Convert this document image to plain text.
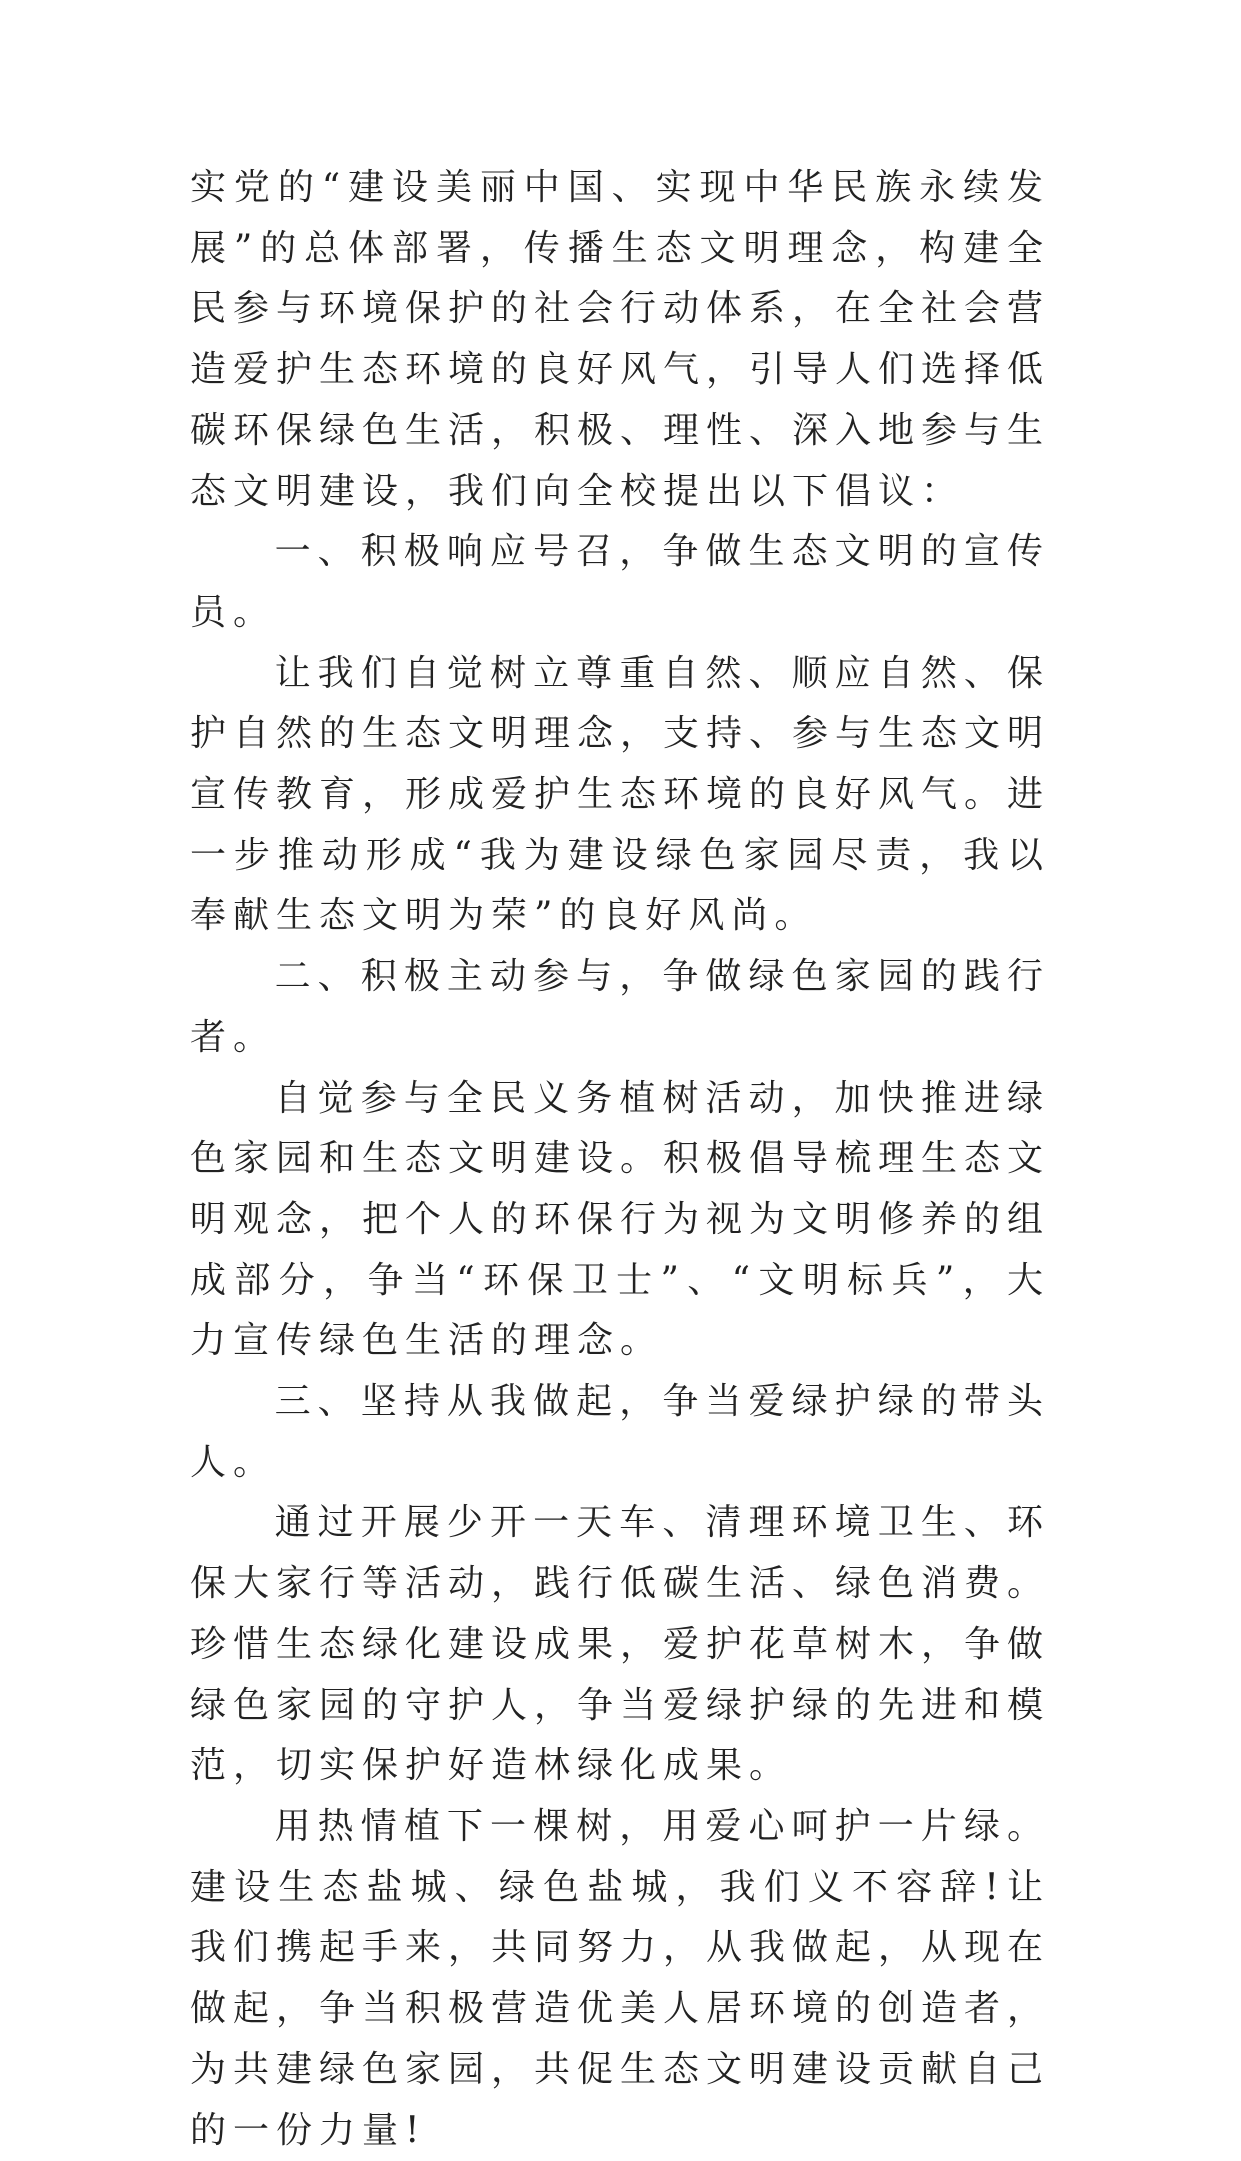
实党的“建设美丽中国、实现中华民族永续发展”的总体部署，传播生态文明理念，构建全民参与环境保护的社会行动体系，在全社会营造爱护生态环境的良好风气，引导人们选择低碳环保绿色生活，积极、理性、深入地参与生态文明建设，我们向全校提出以下倡议：

一、积极响应号召，争做生态文明的宣传员。

让我们自觉树立尊重自然、顺应自然、保护自然的生态文明理念，支持、参与生态文明宣传教育，形成爱护生态环境的良好风气。进一步推动形成“我为建设绿色家园尽责，我以奉献生态文明为荣”的良好风尚。

二、积极主动参与，争做绿色家园的践行者。

自觉参与全民义务植树活动，加快推进绿色家园和生态文明建设。积极倡导梳理生态文明观念，把个人的环保行为视为文明修养的组成部分，争当“环保卫士”、“文明标兵”，大力宣传绿色生活的理念。

三、坚持从我做起，争当爱绿护绿的带头人。

通过开展少开一天车、清理环境卫生、环保大家行等活动，践行低碳生活、绿色消费。珍惜生态绿化建设成果，爱护花草树木，争做绿色家园的守护人，争当爱绿护绿的先进和模范，切实保护好造林绿化成果。

用热情植下一棵树，用爱心呵护一片绿。建设生态盐城、绿色盐城，我们义不容辞!让我们携起手来，共同努力，从我做起，从现在做起，争当积极营造优美人居环境的创造者，为共建绿色家园，共促生态文明建设贡献自己的一份力量!
